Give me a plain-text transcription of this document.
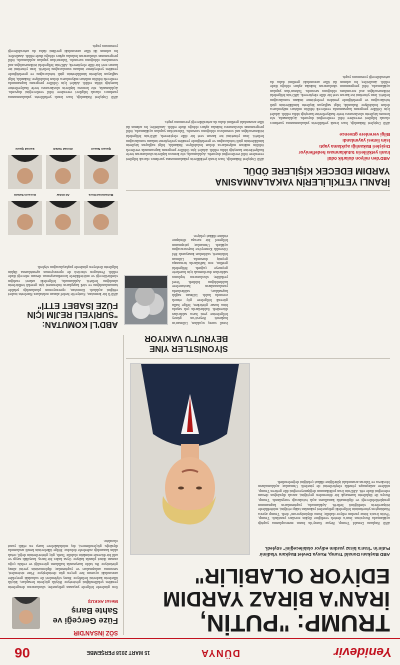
Yenidevir
DÜNYA
15 MART 2018 PERŞEMBE
06
TRUMP: "PUTİN,
İRAN'A BİRAZ YARDIM
EDİYOR OLABİLİR"
ABD Başkanı Donald Trump, Rusya Devlet Başkanı Vladimir Putin'in "İran'a biraz yardım ediyor olabileceğini" söyledi.
ABD Başkanı Donald Trump, Beyaz Saray'da basın mensuplarına yaptığı açıklamada Rusya'nın İran'a destek verdiğine ilişkin soruları yanıtladı. Trump, "Putin İran'a biraz yardım ediyor olabilir, bunu düşünüyorum" dedi. Trump ayrıca Washington yönetiminin bölgedeki gelişmeleri yakından takip ettiğini, müttefiklerle istişarelerin sürdüğünü belirtti. Açıklamada, yaptırımların kapsamının genişletilebileceği ve diplomatik kanalların açık tutulacağı vurgulandı. Trump, Rusya ile ilişkilerin karmaşık bir dönemden geçtiğini, ancak diyaloğun devam edeceğini ifade etti. ABD'nin İran politikasının değişmeyeceğini dile getiren Trump, nükleer anlaşmaya yönelik eleştirilerini de yineledi. Uzmanlar, açıklamaların Moskova ve Tahran arasındaki işbirliğine dikkat çektiğini değerlendirdi.
SÖZ İNSAN'DIR
Füze Gerçeği ve
Sahte Barış
Mesut AKKUŞ
Son günlerde bölgede yaşanan gelişmeler, uluslararası dengelerin yeniden şekillendiğini gösteriyor. Büyük güçlerin hesapları, küçük ülkelerin kaderini belirliyor. Barış söylemleri ile sahadaki gerçekler arasındaki uçurum her geçen gün derinleşiyor. Füze sistemleri, savunma anlaşmaları ve yaptırımlar, diplomasinin yerini almış görünüyor. Bu tablo karşısında halkların güvenliği ve refahı çoğu zaman ikinci planda kalıyor. Oysa kalıcı bir barış, karşılıklı saygı ve adil bir düzenle mümkün olabilir. Tarih, güç gösterilerinin değil, ortak aklın kazandığı zaferlerle doludur. Bölge ülkelerinin kendi aralarında diyaloğu güçlendirmesi, dış müdahalelere karşı en etkili yanıt olacaktır.
ABD'Lİ KOMUTAN:
"SURİYELİ REJİM İÇİN
FÜZE İSABET ETTİ"
ABD'li bir komutan, Suriye'de hedef alınan noktalara füzelerin isabet ettiğini açıkladı. Komutan, operasyonun planlandığı şekilde tamamlandığını ve sivil kayıpların önlenmesi için gerekli tedbirlerin alındığını belirtti. Açıklamada, bölgedeki askeri varlığın sürdürüleceği ve müttefiklerle koordinasyonun devam edeceği ifade edildi. Pentagon sözcüsü de operasyonun ayrıntılarına ilişkin bilgilerin ilerleyen günlerde paylaşılacağını söyledi.
SİYONİSTLER YİNE
BEYRUT'U VAKIYOR
İsrail savaş uçakları, Lübnan'ın başkenti Beyrut'un güney bölgelerine yeni hava saldırıları düzenledi. Saldırılarda çok sayıda bina hasar görürken, bölge halkı güvenli bölgelere göç etmek zorunda kaldı. Lübnan sağlık kaynakları, saldırılarda yaralananların hastanelere kaldırıldığını bildirdi. Yerel yetkililer, uluslararası toplumu saldırıları durdurmak için harekete geçmeye çağırdı. Bölgedeki gerilim, son haftalarda tırmanışa geçmiş durumda. Lübnan hükümeti, saldırıları kınayarak BM Güvenlik Konseyi'ne başvuracağını açıkladı. Uzmanlar, çatışmanın bölgesel bir savaşa dönüşme riskine dikkat çekiyor.
İRANLI YETKİLİLERİN YAKALANMASINA
YARDIM EDECEK KİŞİLERE ÖDÜL
Mohammad Reza
Ali Akbar
Hossein Salami
Qasem Naseri
Ahmad Vahidi
Esmail Qaani
ABD'den milyon dolarlık ödül
İranlı yetkililerin tutuklanması hedefleniyor
Dışişleri Bakanlığı açıklama yaptı
İsim listesi yayımlandı
Bilgi verenlere güvence
ABD Dışişleri Bakanlığı, bazı İranlı yetkililerin yakalanmasına yardımcı olacak bilgileri verenlere ödül verileceğini duyurdu. Açıklamada, söz konusu kişilerin uluslararası terör faaliyetlerine karıştığı iddia edildi. Adalet İçin Ödüller programı kapsamında verilecek ödülün miktarı milyonlarca doları bulabiliyor. Bakanlık, bilgi sağlayan kişilerin kimliklerinin gizli tutulacağını ve gerektiğinde yeniden yerleştirme imkanı sunulacağını belirtti. İran yönetimi ise kararı sert bir dille eleştirerek, ABD'nin bölgedeki istikrarsızlığın asıl sorumlusu olduğunu savundu. Tahran'dan yapılan açıklamada, ödül programının uluslararası hukuka aykırı olduğu ifade edildi. Analistler, bu adımın iki ülke arasındaki gerilimi daha da artırabileceği yorumunu yaptı.
ABD Dışişleri Bakanlığı, bazı İranlı yetkililerin yakalanmasına yardımcı olacak bilgileri verenlere ödül verileceğini duyurdu. Açıklamada, söz konusu kişilerin uluslararası terör faaliyetlerine karıştığı iddia edildi. Adalet İçin Ödüller programı kapsamında verilecek ödülün miktarı milyonlarca doları bulabiliyor. Bakanlık, bilgi sağlayan kişilerin kimliklerinin gizli tutulacağını ve gerektiğinde yeniden yerleştirme imkanı sunulacağını belirtti. İran yönetimi ise kararı sert bir dille eleştirerek, ABD'nin bölgedeki istikrarsızlığın asıl sorumlusu olduğunu savundu. Tahran'dan yapılan açıklamada, ödül programının uluslararası hukuka aykırı olduğu ifade edildi. Analistler, bu adımın iki ülke arasındaki gerilimi daha da artırabileceği yorumunu yaptı.
ABD Dışişleri Bakanlığı, bazı İranlı yetkililerin yakalanmasına yardımcı olacak bilgileri verenlere ödül verileceğini duyurdu. Açıklamada, söz konusu kişilerin uluslararası terör faaliyetlerine karıştığı iddia edildi. Adalet İçin Ödüller programı kapsamında verilecek ödülün miktarı milyonlarca doları bulabiliyor. Bakanlık, bilgi sağlayan kişilerin kimliklerinin gizli tutulacağını ve gerektiğinde yeniden yerleştirme imkanı sunulacağını belirtti. İran yönetimi ise kararı sert bir dille eleştirerek, ABD'nin bölgedeki istikrarsızlığın asıl sorumlusu olduğunu savundu. Tahran'dan yapılan açıklamada, ödül programının uluslararası hukuka aykırı olduğu ifade edildi. Analistler, bu adımın iki ülke arasındaki gerilimi daha da artırabileceği yorumunu yaptı.
